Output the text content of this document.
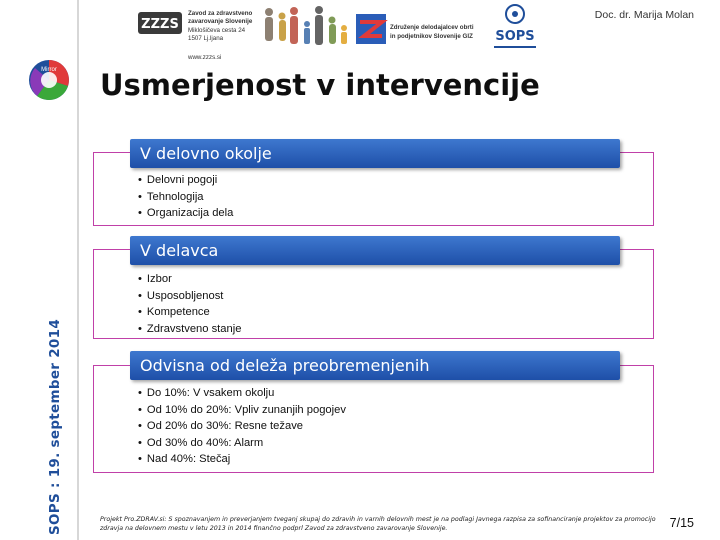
SOPS : 19. september 2014
ZZZS
Zavod za zdravstveno
zavarovanje Slovenije
Miklošičeva cesta 24
1507 Lj.ljana
www.zzzs.si
Združenje delodajalcev obrti
in podjetnikov Slovenije GIZ SOPS
Doc. dr. Marija Molan
Mirror Usmerjenost v intervencije
V delovno okolje
• Delovni pogoji
• Tehnologija
• Organizacija dela
V delavca
• Izbor
• Usposobljenost
• Kompetence
• Zdravstveno stanje
Odvisna od deleža preobremenjenih
• Do 10%: V vsakem okolju
• Od 10% do 20%: Vpliv zunanjih pogojev
• Od 20% do 30%: Resne težave
• Od 30% do 40%: Alarm
• Nad 40%: Stečaj
Projekt Pro.ZDRAV.si: S spoznavanjem in preverjanjem tveganj skupaj do zdravih in varnih delovnih mest je na podlagi Javnega razpisa za sofinanciranje projektov za promocijo zdravja na delovnem mestu v letu 2013 in 2014 finančno podprl Zavod za zdravstveno zavarovanje Slovenije.	7/15
